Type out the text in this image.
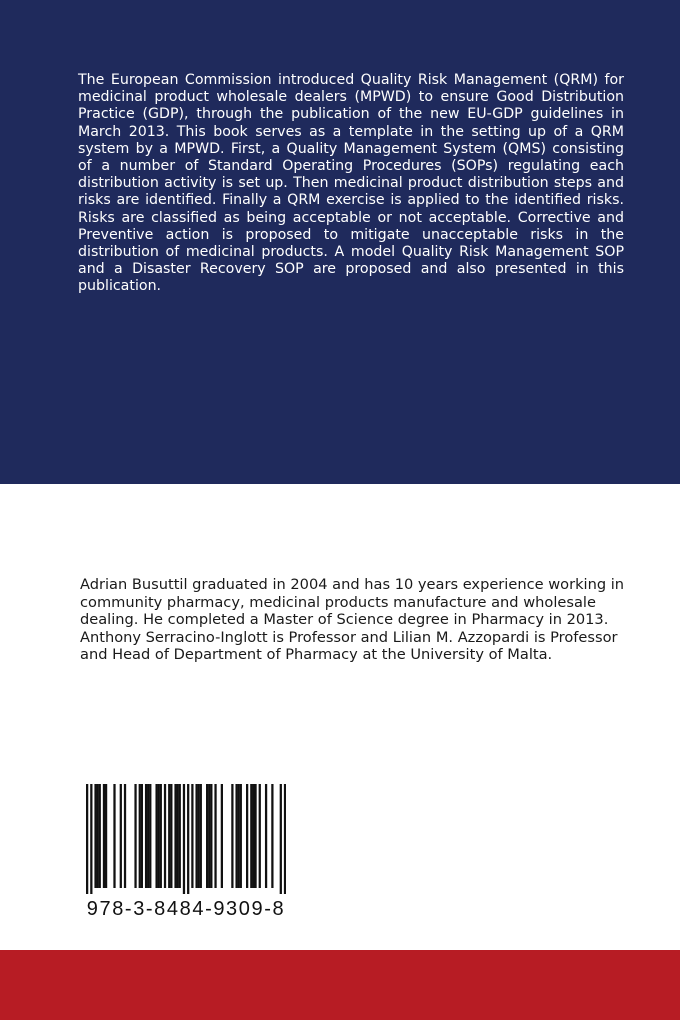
The European Commission introduced Quality Risk Management (QRM) for medicinal product wholesale dealers (MPWD) to ensure Good Distribution Practice (GDP), through the publication of the new EU-GDP guidelines in March 2013. This book serves as a template in the setting up of a QRM system by a MPWD. First, a Quality Management System (QMS) consisting of a number of Standard Operating Procedures (SOPs) regulating each distribution activity is set up. Then medicinal product distribution steps and risks are identified. Finally a QRM exercise is applied to the identified risks. Risks are classified as being acceptable or not acceptable. Corrective and Preventive action is proposed to mitigate unacceptable risks in the distribution of medicinal products. A model Quality Risk Management SOP and a Disaster Recovery SOP are proposed and also presented in this publication.

Adrian Busuttil graduated in 2004 and has 10 years experience working in community pharmacy, medicinal products manufacture and wholesale dealing. He completed a Master of Science degree in Pharmacy in 2013. Anthony Serracino-Inglott is Professor and Lilian M. Azzopardi is Professor and Head of Department of Pharmacy at the University of Malta.

978-3-8484-9309-8
